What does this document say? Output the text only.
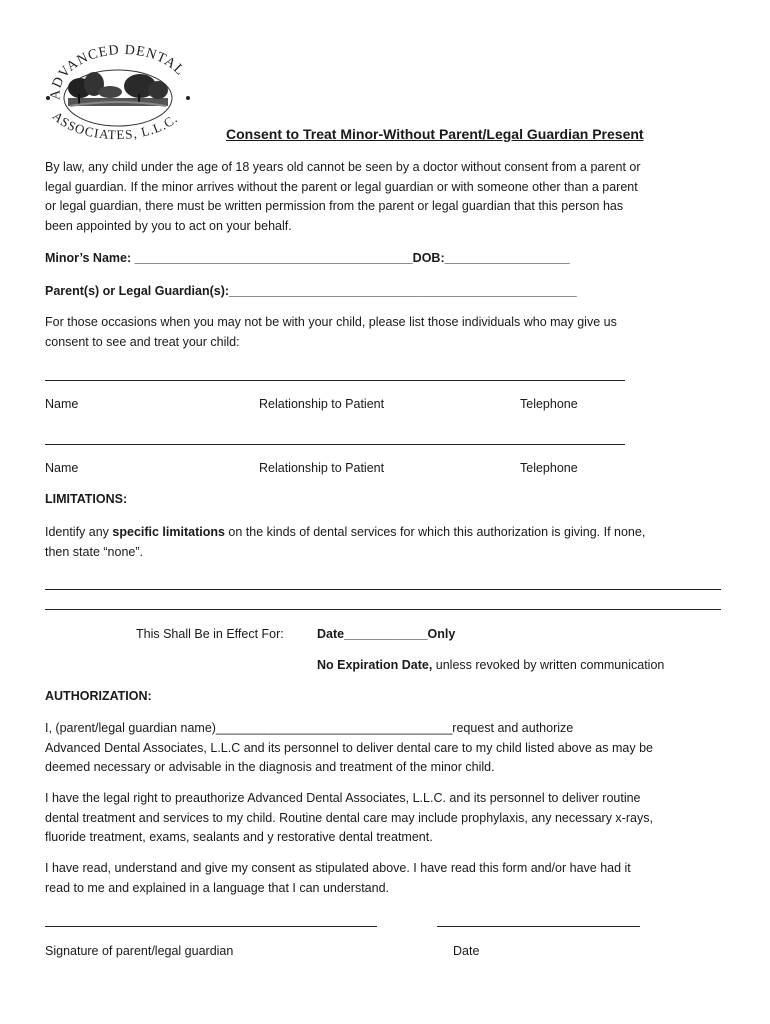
ADVANCED DENTAL
ASSOCIATES, L.L.C.
Consent to Treat Minor-Without Parent/Legal Guardian Present

By law, any child under the age of 18 years old cannot be seen by a doctor without consent from a parent or

legal guardian. If the minor arrives without the parent or legal guardian or with someone other than a parent

or legal guardian, there must be written permission from the parent or legal guardian that this person has

been appointed by you to act on your behalf.

Minor’s Name: ________________________________________DOB:__________________
Parent(s) or Legal Guardian(s):__________________________________________________

For those occasions when you may not be with your child, please list those individuals who may give us

consent to see and treat your child:

Name	Relationship to Patient	Telephone
Name	Relationship to Patient	Telephone
LIMITATIONS:

Identify any specific limitations on the kinds of dental services for which this authorization is giving. If none,

then state “none”.

This Shall Be in Effect For:	Date____________Only
No Expiration Date, unless revoked by written communication
AUTHORIZATION:

I, (parent/legal guardian name)__________________________________request and authorize

Advanced Dental Associates, L.L.C and its personnel to deliver dental care to my child listed above as may be

deemed necessary or advisable in the diagnosis and treatment of the minor child.

I have the legal right to preauthorize Advanced Dental Associates, L.L.C. and its personnel to deliver routine

dental treatment and services to my child. Routine dental care may include prophylaxis, any necessary x-rays,

fluoride treatment, exams, sealants and y restorative dental treatment.

I have read, understand and give my consent as stipulated above. I have read this form and/or have had it

read to me and explained in a language that I can understand.

Signature of parent/legal guardian	Date
